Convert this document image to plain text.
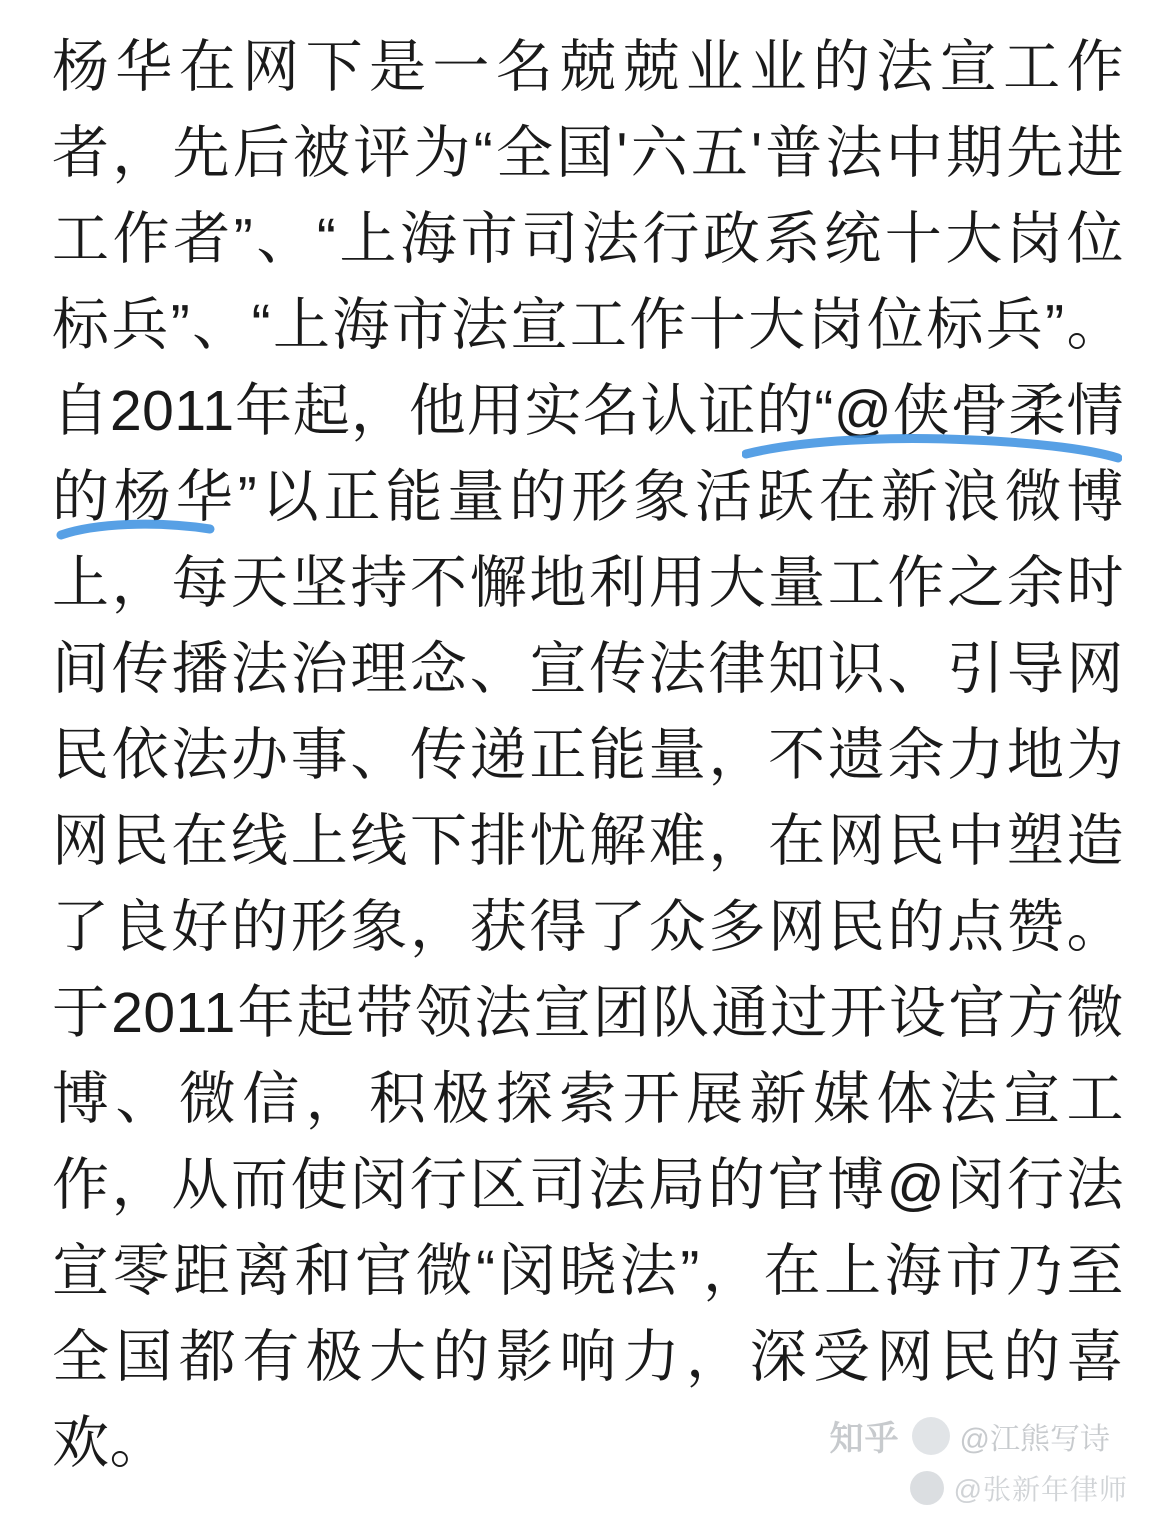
杨华在网下是一名兢兢业业的法宣工作者，先后被评为“全国'六五'普法中期先进工作者”、“上海市司法行政系统十大岗位标兵”、“上海市法宣工作十大岗位标兵”。自2011年起，他用实名认证的“@侠骨柔情的杨华”以正能量的形象活跃在新浪微博上，每天坚持不懈地利用大量工作之余时间传播法治理念、宣传法律知识、引导网民依法办事、传递正能量，不遗余力地为网民在线上线下排忧解难，在网民中塑造了良好的形象，获得了众多网民的点赞。于2011年起带领法宣团队通过开设官方微博、微信，积极探索开展新媒体法宣工作，从而使闵行区司法局的官博@闵行法宣零距离和官微“闵晓法”，在上海市乃至全国都有极大的影响力，深受网民的喜欢。	知乎 @江熊写诗
@张新年律师
